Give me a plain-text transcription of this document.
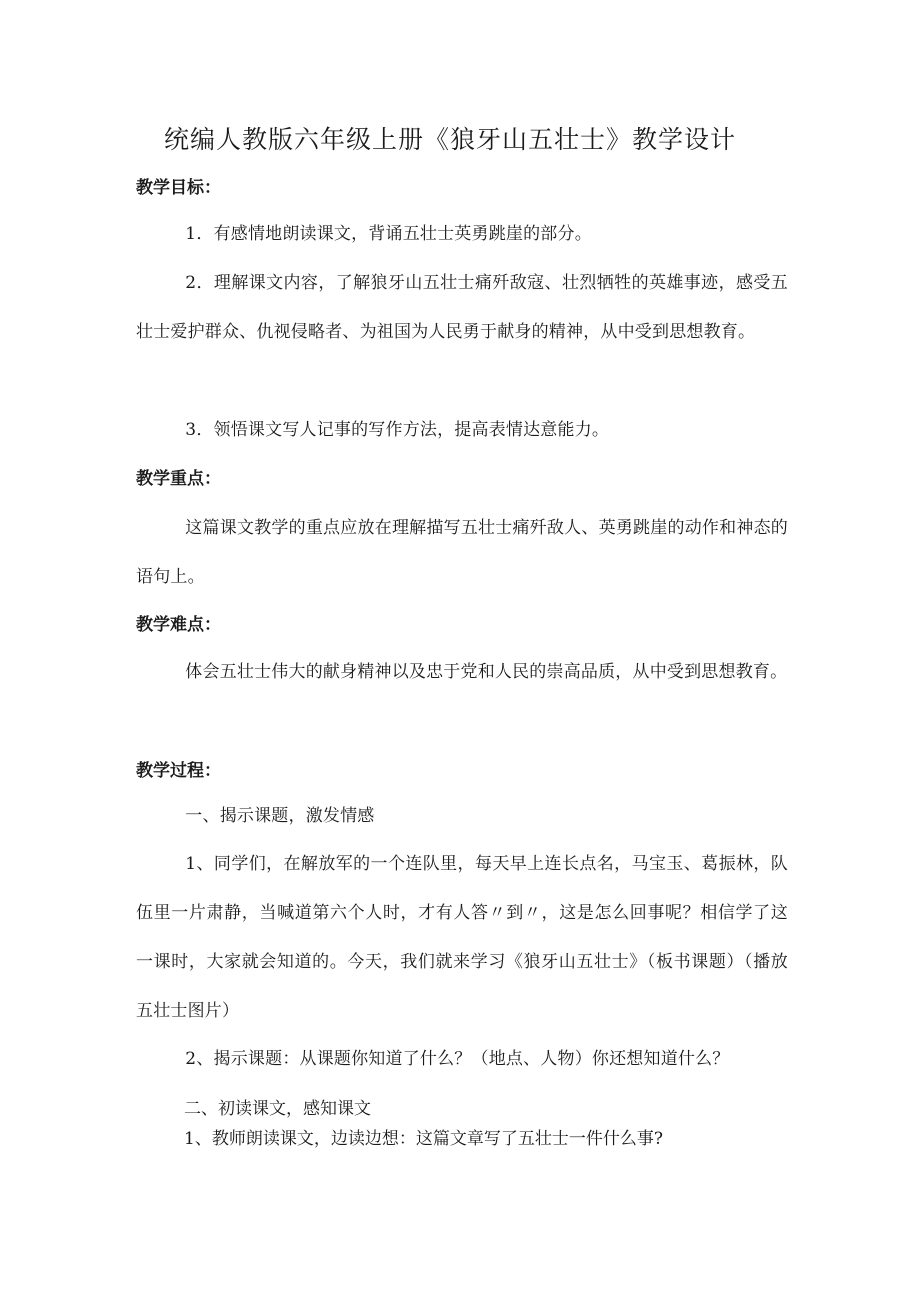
统编人教版六年级上册《狼牙山五壮士》教学设计
教学目标：
1．有感情地朗读课文，背诵五壮士英勇跳崖的部分。
2．理解课文内容，了解狼牙山五壮士痛歼敌寇、壮烈牺牲的英雄事迹，感受五壮士爱护群众、仇视侵略者、为祖国为人民勇于献身的精神，从中受到思想教育。
3．领悟课文写人记事的写作方法，提高表情达意能力。
教学重点：
这篇课文教学的重点应放在理解描写五壮士痛歼敌人、英勇跳崖的动作和神态的语句上。
教学难点：
体会五壮士伟大的献身精神以及忠于党和人民的崇高品质，从中受到思想教育。
教学过程：
一、揭示课题，激发情感
1、同学们，在解放军的一个连队里，每天早上连长点名，马宝玉、葛振林，队伍里一片肃静，当喊道第六个人时，才有人答〃到〃，这是怎么回事呢？相信学了这一课时，大家就会知道的。今天，我们就来学习《狼牙山五壮士》（板书课题）（播放五壮士图片）
2、揭示课题：从课题你知道了什么？（地点、人物）你还想知道什么？
二、初读课文，感知课文
1、教师朗读课文，边读边想：这篇文章写了五壮士一件什么事?
